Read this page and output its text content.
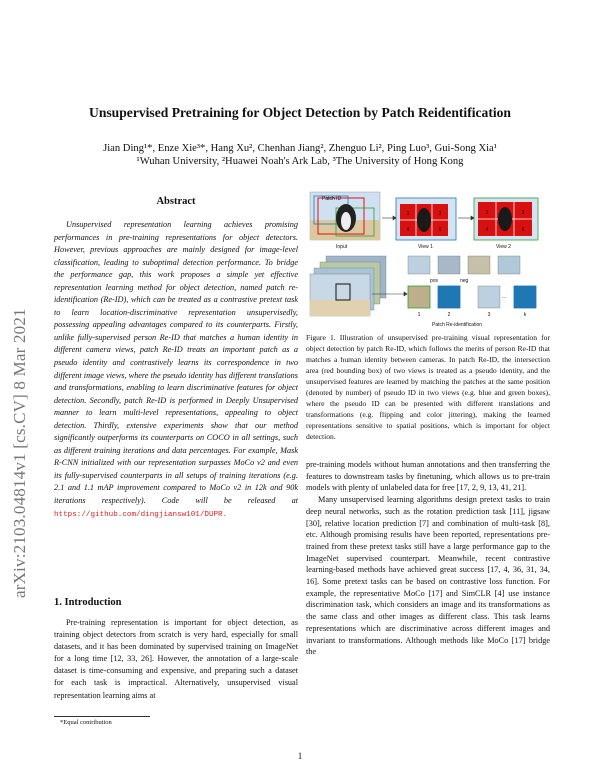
arXiv:2103.04814v1 [cs.CV] 8 Mar 2021
Unsupervised Pretraining for Object Detection by Patch Reidentification
Jian Ding¹*, Enze Xie³*, Hang Xu², Chenhan Jiang², Zhenguo Li², Ping Luo³, Gui-Song Xia¹
¹Wuhan University, ²Huawei Noah's Ark Lab, ³The University of Hong Kong
Abstract

Unsupervised representation learning achieves promising performances in pre-training representations for object detectors. However, previous approaches are mainly designed for image-level classification, leading to suboptimal detection performance. To bridge the performance gap, this work proposes a simple yet effective representation learning method for object detection, named patch re-identification (Re-ID), which can be treated as a contrastive pretext task to learn location-discriminative representation unsupervisedly, possessing appealing advantages compared to its counterparts. Firstly, unlike fully-supervised person Re-ID that matches a human identity in different camera views, patch Re-ID treats an important patch as a pseudo identity and contrastively learns its correspondence in two different image views, where the pseudo identity has different translations and transformations, enabling to learn discriminative features for object detection. Secondly, patch Re-ID is performed in Deeply Unsupervised manner to learn multi-level representations, appealing to object detection. Thirdly, extensive experiments show that our method significantly outperforms its counterparts on COCO in all settings, such as different training iterations and data percentages. For example, Mask R-CNN initialized with our representation surpasses MoCo v2 and even its fully-supervised counterparts in all setups of training iterations (e.g. 2.1 and 1.1 mAP improvement compared to MoCo v2 in 12k and 90k iterations respectively). Code will be released at https://github.com/dingjiansw101/DUPR.

1. Introduction

Pre-training representation is important for object detection, as training object detectors from scratch is very hard, especially for small datasets, and it has been dominated by supervised training on ImageNet for a long time [12, 33, 26]. However, the annotation of a large-scale dataset is time-consuming and expensive, and preparing such a dataset for each task is impractical. Alternatively, unsupervised visual representation learning aims at

*Equal contribution
Patch ID
Input	View 1	View 2
pos	neg
...
Patch Re-identification
1	2	3
4	5	6
1	2	3
4	5	6
1	2	3	k
Figure 1. Illustration of unsupervised pre-training visual representation for object detection by patch Re-ID, which follows the merits of person Re-ID that matches a human identity between cameras. In patch Re-ID, the intersection area (red bounding box) of two views is treated as a pseudo identity, and the unsupervised features are learned by matching the patches at the same position (denoted by number) of pseudo ID in two views (e.g. blue and green boxes), where the pseudo ID can be presented with different translations and transformations (e.g. flipping and color jittering), making the learned representations sensitive to spatial positions, which is important for object detection.

pre-training models without human annotations and then transferring the features to downstream tasks by finetuning, which allows us to pre-train models with plenty of unlabeled data for free [17, 2, 9, 13, 41, 21].

Many unsupervised learning algorithms design pretext tasks to train deep neural networks, such as the rotation prediction task [11], jigsaw [30], relative location prediction [7] and combination of multi-task [8], etc. Although promising results have been reported, representations pre-trained from these pretext tasks still have a large performance gap to the ImageNet supervised counterpart. Meanwhile, recent contrastive learning-based methods have achieved great success [17, 4, 36, 31, 34, 16]. Some pretext tasks can be based on contrastive loss function. For example, the representative MoCo [17] and SimCLR [4] use instance discrimination task, which considers an image and its transformations as the same class and other images as different class. This task learns representations which are discriminative across different images and invariant to transformations. Although methods like MoCo [17] bridge the

1
